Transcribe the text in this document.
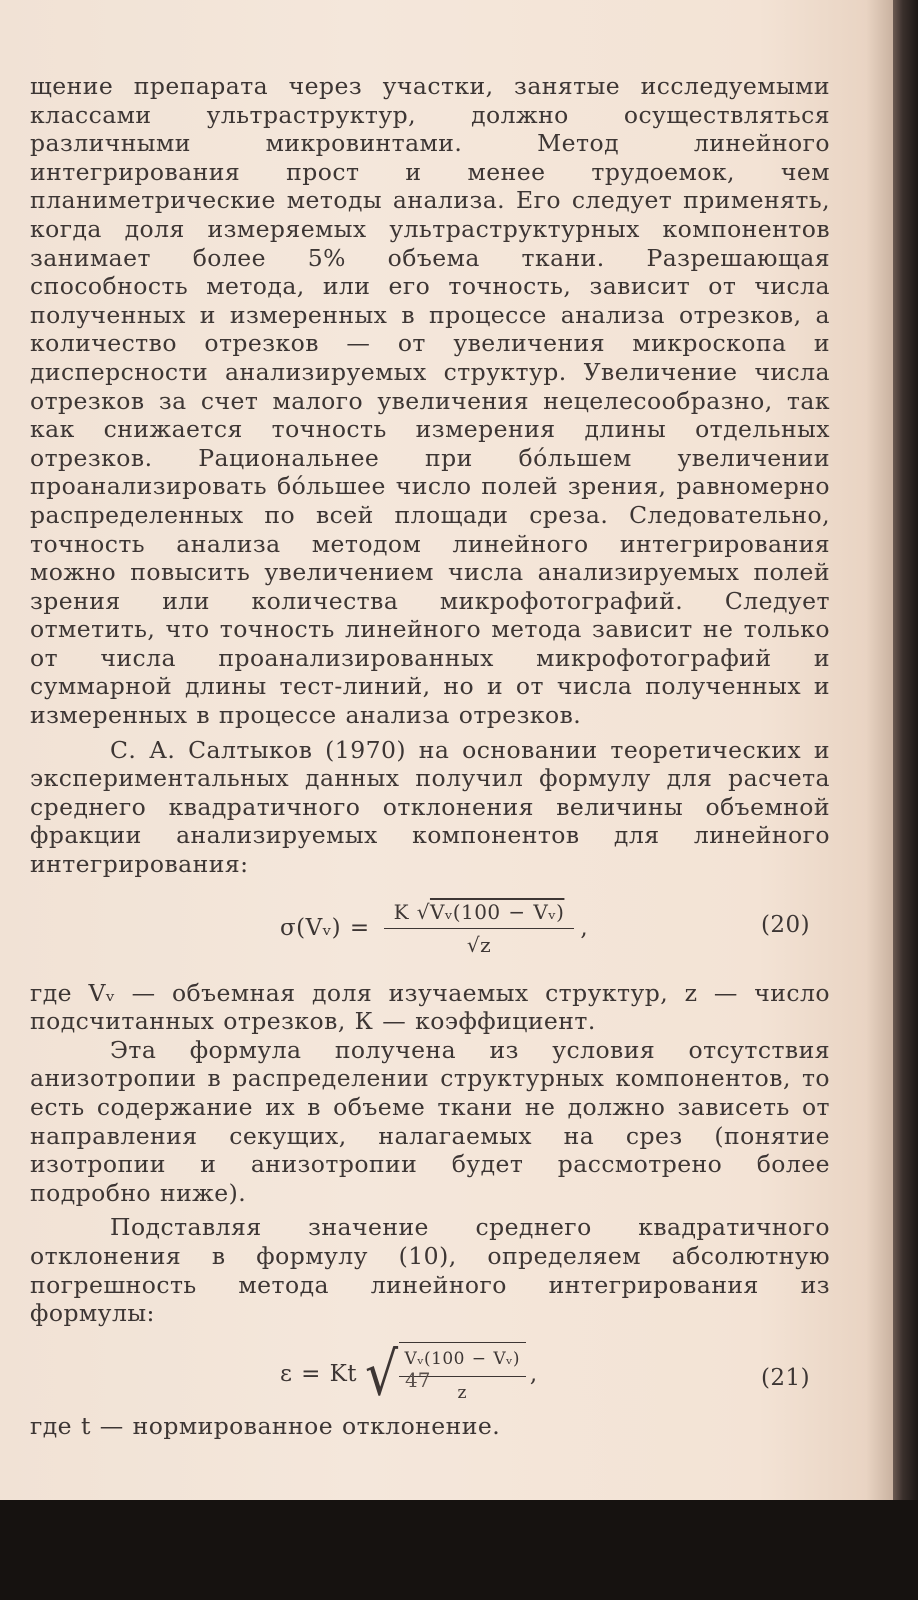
щение препарата через участки, занятые исследуемыми классами ультраструктур, должно осуществляться различными микровинтами. Метод линейного интегрирования прост и менее трудоемок, чем планиметрические методы анализа. Его следует применять, когда доля измеряемых ультраструктурных компонентов занимает более 5% объема ткани. Разрешающая способность метода, или его точность, зависит от числа полученных и измеренных в процессе анализа отрезков, а количество отрезков — от увеличения микроскопа и дисперсности анализируемых структур. Увеличение числа отрезков за счет малого увеличения нецелесообразно, так как снижается точность измерения длины отдельных отрезков. Рациональнее при бóльшем увеличении проанализировать бóльшее число полей зрения, равномерно распределенных по всей площади среза. Следовательно, точность анализа методом линейного интегрирования можно повысить увеличением числа анализируемых полей зрения или количества микрофотографий. Следует отметить, что точность линейного метода зависит не только от числа проанализированных микрофотографий и суммарной длины тест-линий, но и от числа полученных и измеренных в процессе анализа отрезков.

С. А. Салтыков (1970) на основании теоретических и экспериментальных данных получил формулу для расчета среднего квадратичного отклонения величины объемной фракции анализируемых компонентов для линейного интегрирования:

σ(Vᵥ) = $\frac{\text{K √Vᵥ(100 − Vᵥ)}}{√z}$ ,	(20)

где Vᵥ — объемная доля изучаемых структур, z — число подсчитанных отрезков, К — коэффициент.

Эта формула получена из условия отсутствия анизотропии в распределении структурных компонентов, то есть содержание их в объеме ткани не должно зависеть от направления секущих, налагаемых на срез (понятие изотропии и анизотропии будет рассмотрено более подробно ниже).

Подставляя значение среднего квадратичного отклонения в формулу (10), определяем абсолютную погрешность метода линейного интегрирования из формулы:

ε = Kt √ $\frac{\text{Vᵥ(100 − Vᵥ)}}{z}$ ,	(21)

где t — нормированное отклонение.

47
